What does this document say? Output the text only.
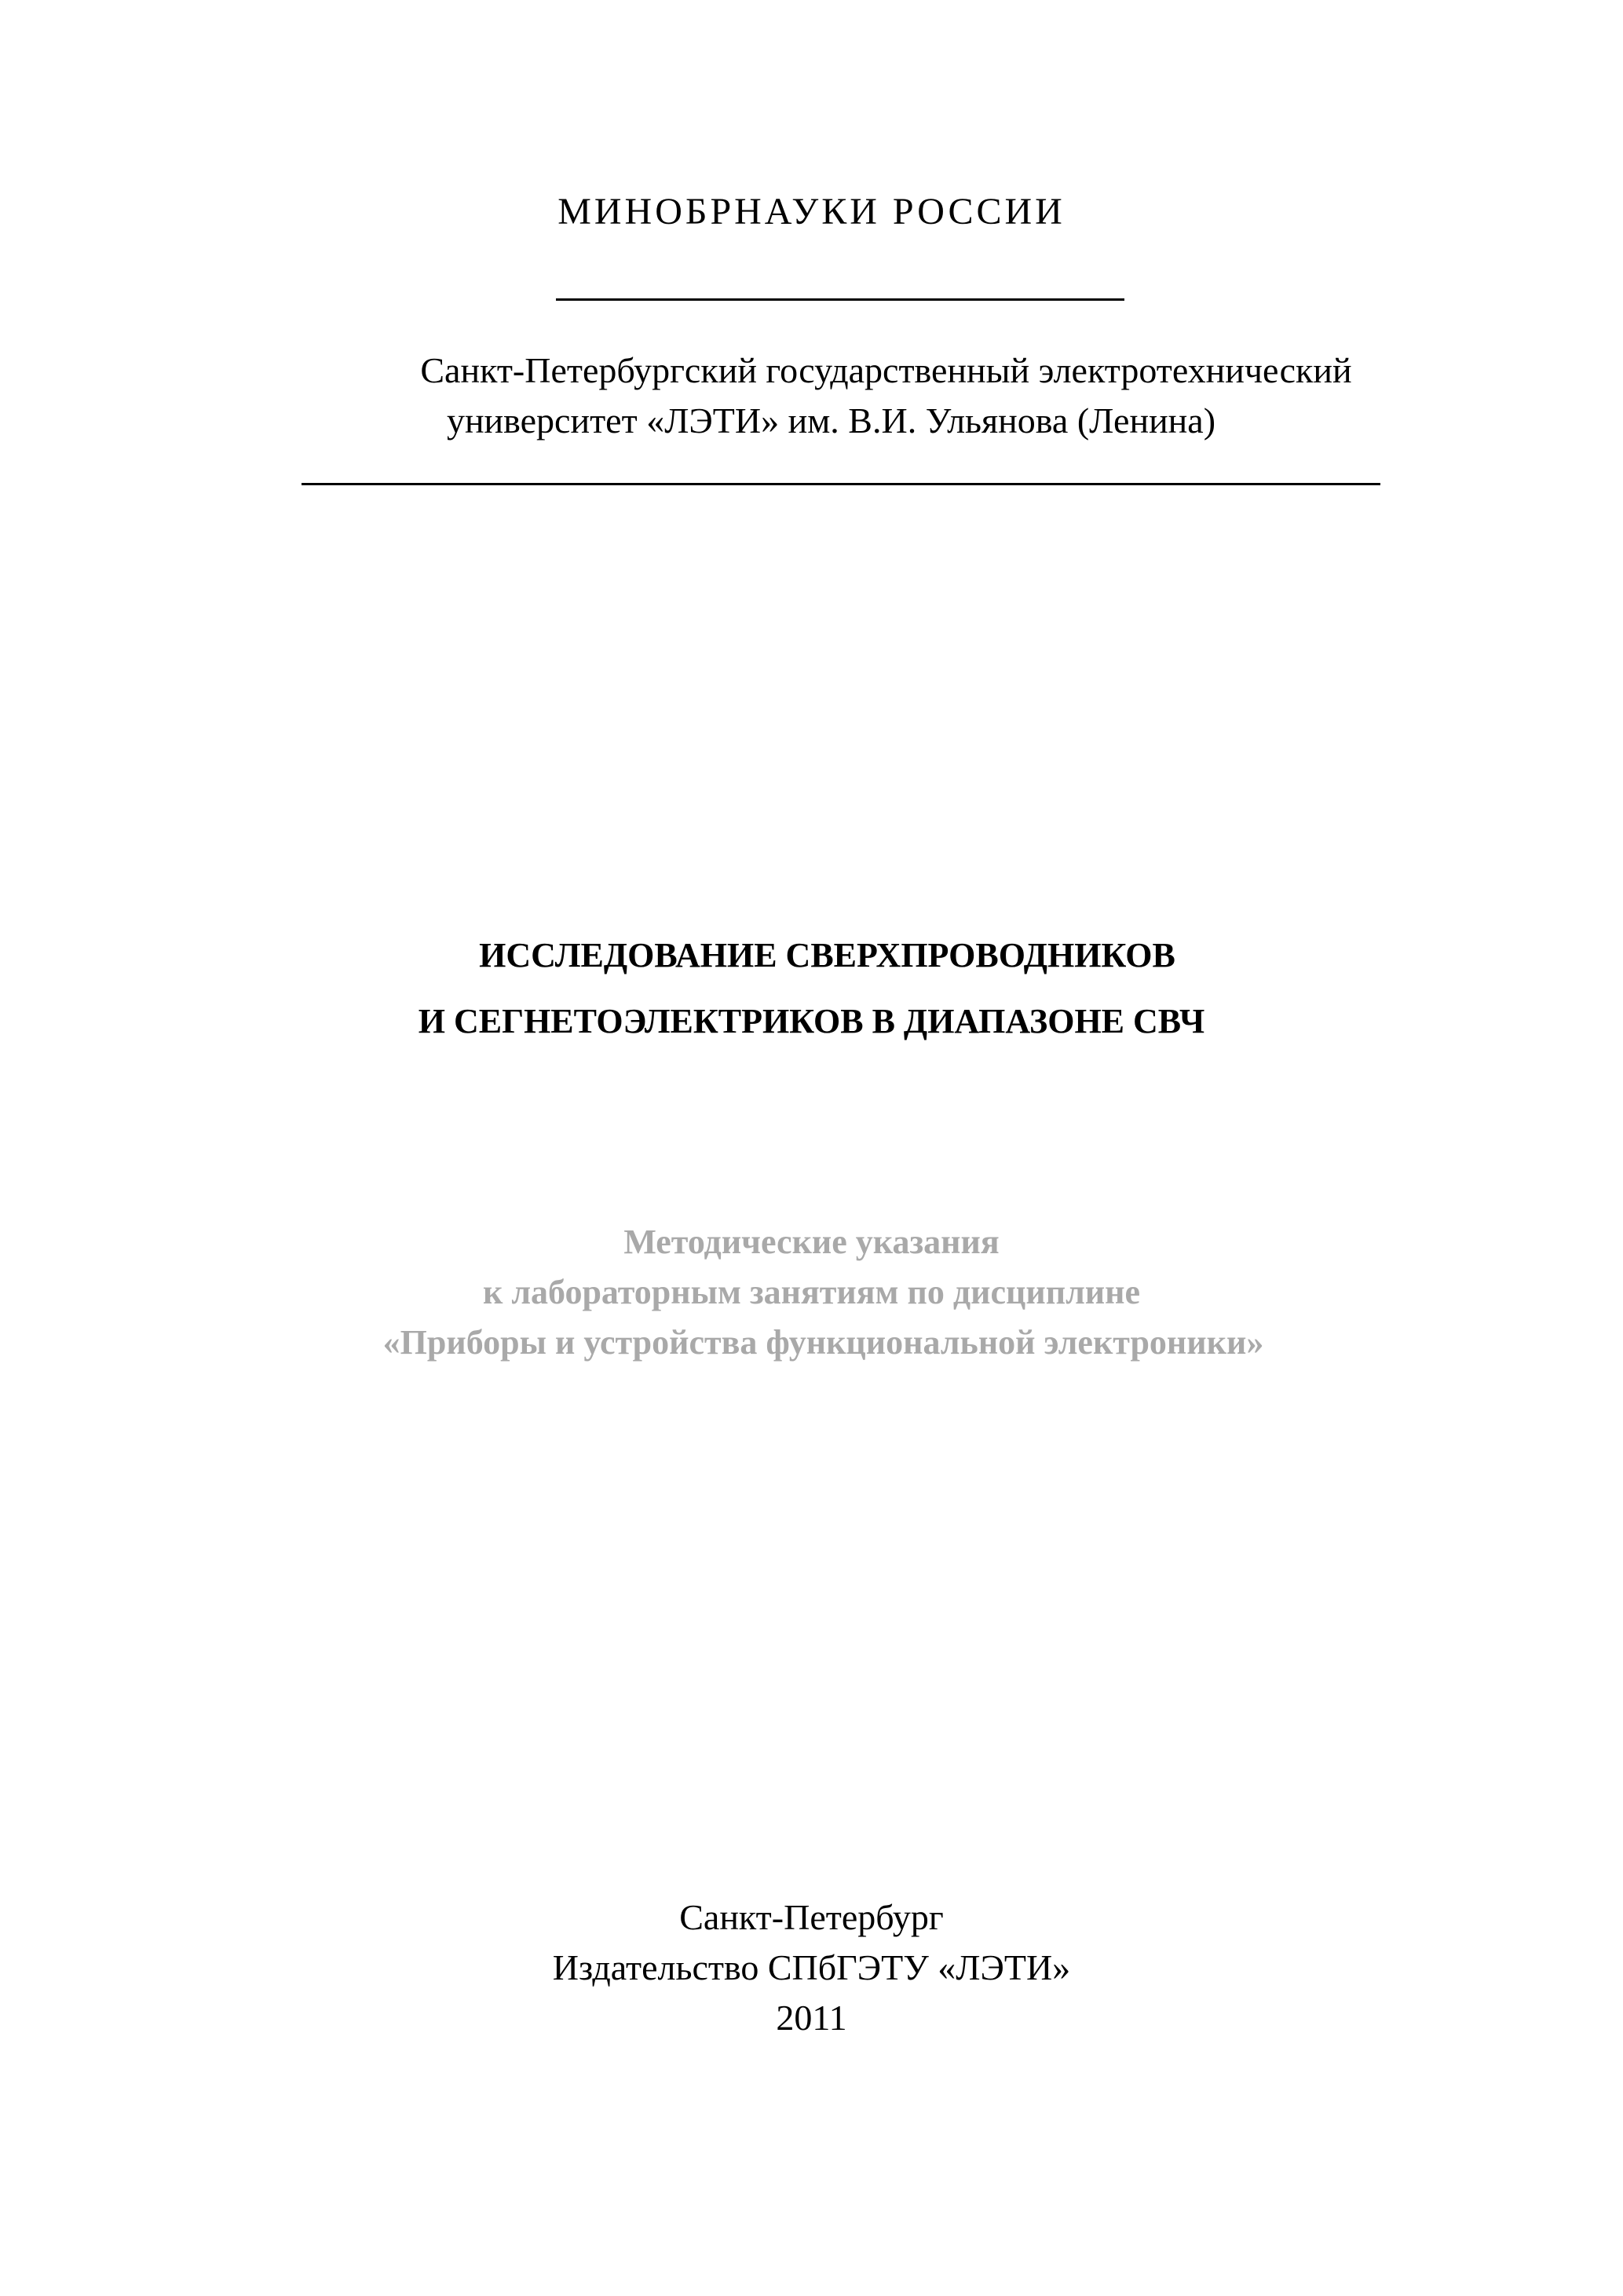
МИНОБРНАУКИ РОССИИ
Санкт-Петербургский государственный электротехнический
университет «ЛЭТИ» им. В.И. Ульянова (Ленина)
ИССЛЕДОВАНИЕ СВЕРХПРОВОДНИКОВ
И СЕГНЕТОЭЛЕКТРИКОВ В ДИАПАЗОНЕ СВЧ
Методические указания
к лабораторным занятиям по дисциплине
«Приборы и устройства функциональной электроники»
Санкт-Петербург
Издательство СПбГЭТУ «ЛЭТИ»
2011
